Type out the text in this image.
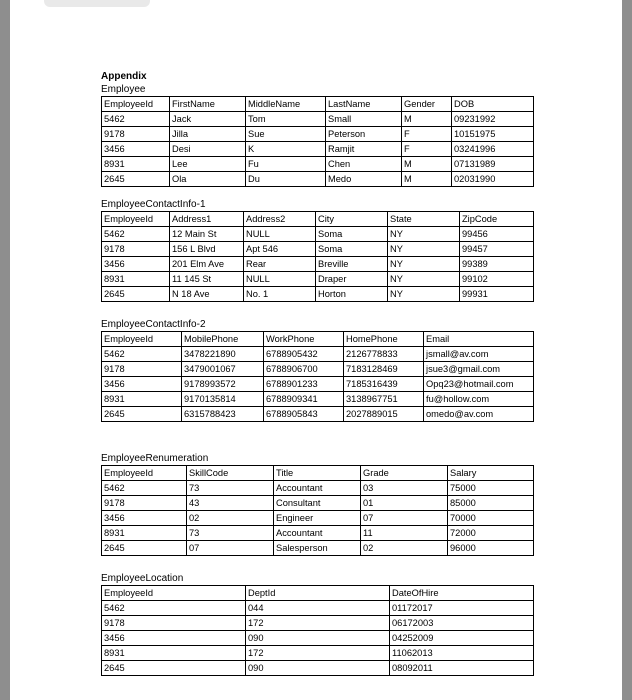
Appendix
Employee
EmployeeId	FirstName	MiddleName	LastName	Gender	DOB
5462	Jack	Tom	Small	M	09231992
9178	Jilla	Sue	Peterson	F	10151975
3456	Desi	K	Ramjit	F	03241996
8931	Lee	Fu	Chen	M	07131989
2645	Ola	Du	Medo	M	02031990
EmployeeContactInfo-1
EmployeeId	Address1	Address2	City	State	ZipCode
5462	12 Main St	NULL	Soma	NY	99456
9178	156 L Blvd	Apt 546	Soma	NY	99457
3456	201 Elm Ave	Rear	Breville	NY	99389
8931	11 145 St	NULL	Draper	NY	99102
2645	N 18 Ave	No. 1	Horton	NY	99931
EmployeeContactInfo-2
EmployeeId	MobilePhone	WorkPhone	HomePhone	Email
5462	3478221890	6788905432	2126778833	jsmall@av.com
9178	3479001067	6788906700	7183128469	jsue3@gmail.com
3456	9178993572	6788901233	7185316439	Opq23@hotmail.com
8931	9170135814	6788909341	3138967751	fu@hollow.com
2645	6315788423	6788905843	2027889015	omedo@av.com
EmployeeRenumeration
EmployeeId	SkillCode	Title	Grade	Salary
5462	73	Accountant	03	75000
9178	43	Consultant	01	85000
3456	02	Engineer	07	70000
8931	73	Accountant	11	72000
2645	07	Salesperson	02	96000
EmployeeLocation
EmployeeId	DeptId	DateOfHire
5462	044	01172017
9178	172	06172003
3456	090	04252009
8931	172	11062013
2645	090	08092011
